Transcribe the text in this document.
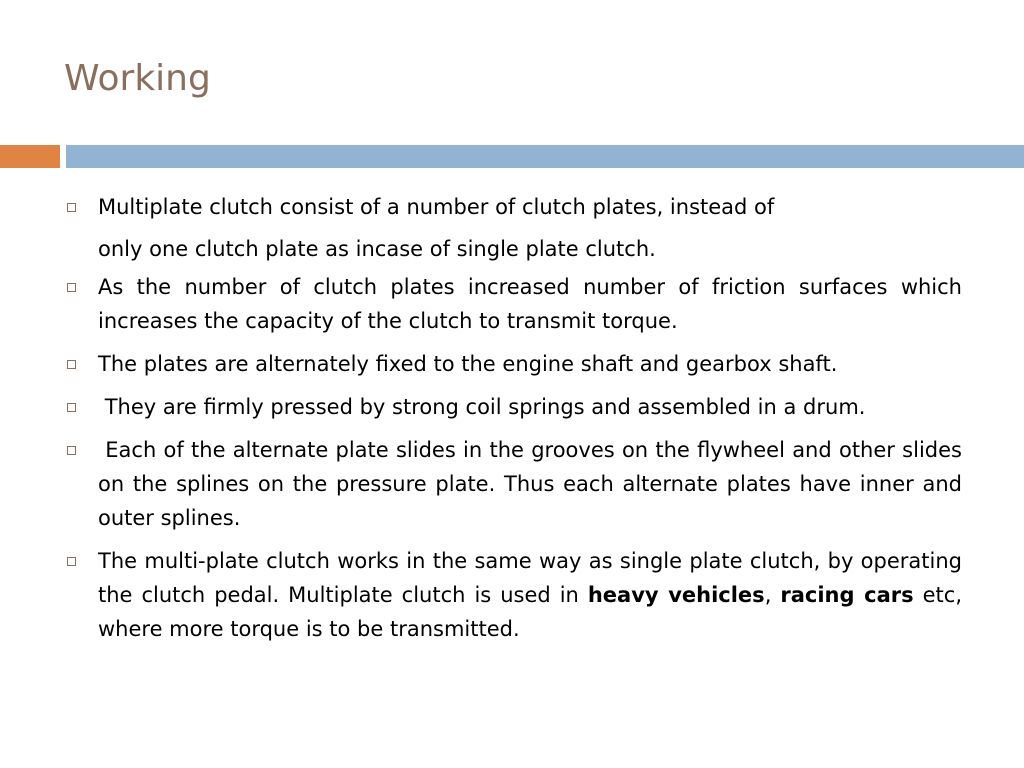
Working
Multiplate clutch consist of a number of clutch plates, instead of
only one clutch plate as incase of single plate clutch.
As the number of clutch plates increased number of friction surfaces which increases the capacity of the clutch to transmit torque.
The plates are alternately fixed to the engine shaft and gearbox shaft.
They are firmly pressed by strong coil springs and assembled in a drum.
Each of the alternate plate slides in the grooves on the flywheel and other slides on the splines on the pressure plate. Thus each alternate plates have inner and outer splines.
The multi-plate clutch works in the same way as single plate clutch, by operating the clutch pedal. Multiplate clutch is used in heavy vehicles, racing cars etc, where more torque is to be transmitted.
